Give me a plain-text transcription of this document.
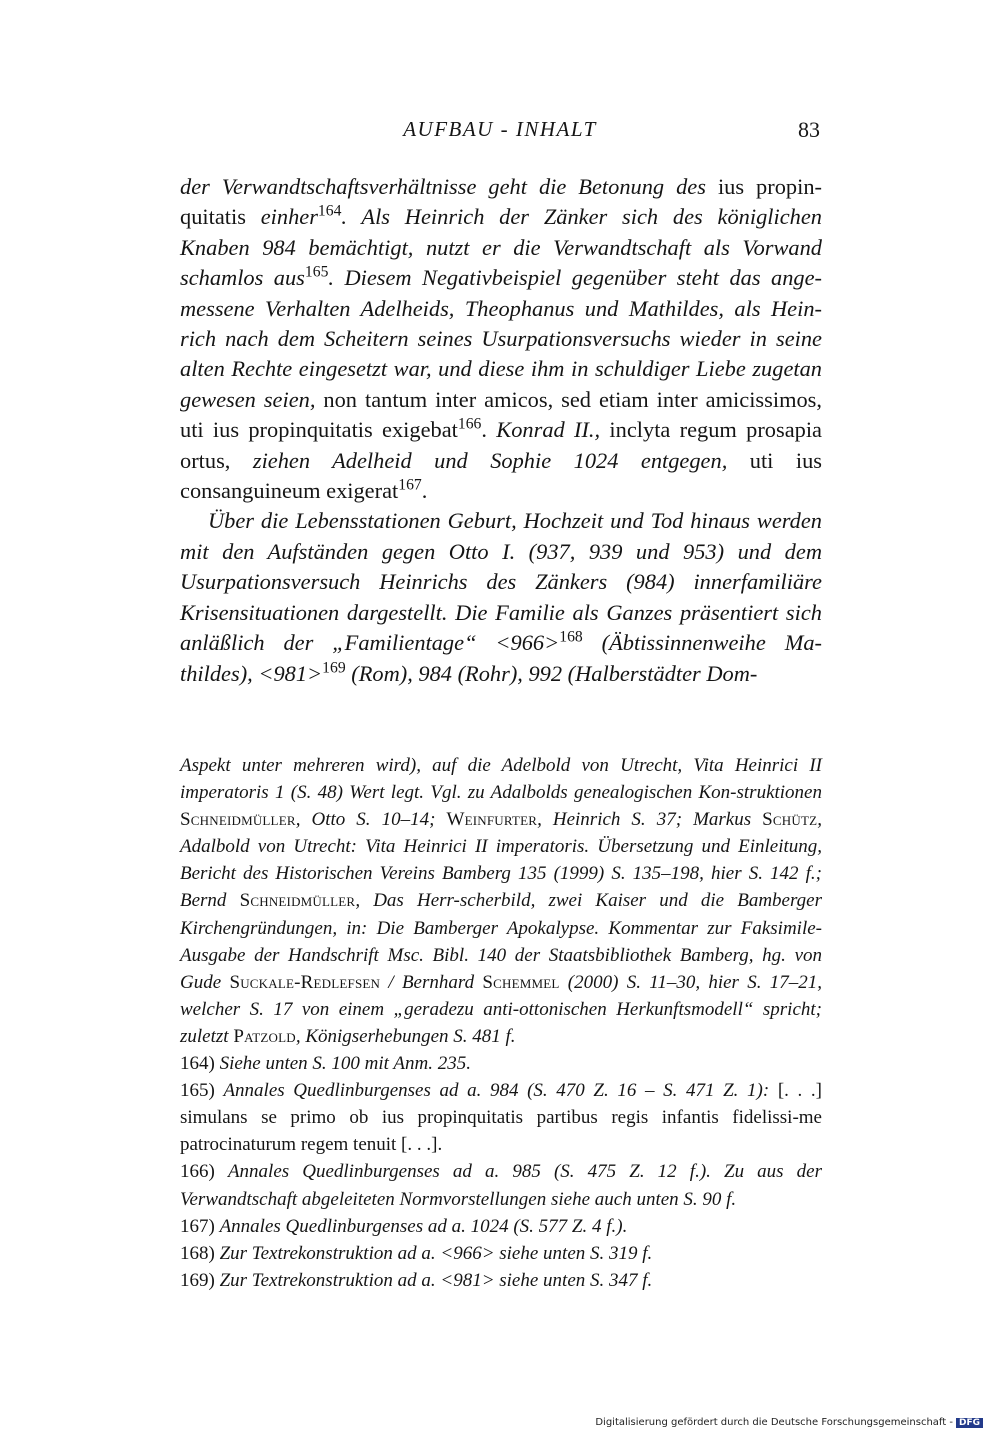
AUFBAU - INHALT	83

der Verwandtschaftsverhältnisse geht die Betonung des ius propin-quitatis einher$^{164}$. Als Heinrich der Zänker sich des königlichen Knaben 984 bemächtigt, nutzt er die Verwandtschaft als Vorwand schamlos aus$^{165}$. Diesem Negativbeispiel gegenüber steht das ange-messene Verhalten Adelheids, Theophanus und Mathildes, als Hein-rich nach dem Scheitern seines Usurpationsversuchs wieder in seine alten Rechte eingesetzt war, und diese ihm in schuldiger Liebe zugetan gewesen seien, non tantum inter amicos, sed etiam inter amicissimos, uti ius propinquitatis exigebat$^{166}$. Konrad II., inclyta regum prosapia ortus, ziehen Adelheid und Sophie 1024 entgegen, uti ius consanguineum exigerat$^{167}$.

Über die Lebensstationen Geburt, Hochzeit und Tod hinaus werden mit den Aufständen gegen Otto I. (937, 939 und 953) und dem Usurpationsversuch Heinrichs des Zänkers (984) innerfamiliäre Krisensituationen dargestellt. Die Familie als Ganzes präsentiert sich anläßlich der „Familientage“ <966>$^{168}$ (Äbtissinnenweihe Ma-thildes), <981>$^{169}$ (Rom), 984 (Rohr), 992 (Halberstädter Dom-

Aspekt unter mehreren wird), auf die Adelbold von Utrecht, Vita Heinrici II imperatoris 1 (S. 48) Wert legt. Vgl. zu Adalbolds genealogischen Kon-struktionen Schneidmüller, Otto S. 10–14; Weinfurter, Heinrich S. 37; Markus Schütz, Adalbold von Utrecht: Vita Heinrici II imperatoris. Übersetzung und Einleitung, Bericht des Historischen Vereins Bamberg 135 (1999) S. 135–198, hier S. 142 f.; Bernd Schneidmüller, Das Herr-scherbild, zwei Kaiser und die Bamberger Kirchengründungen, in: Die Bamberger Apokalypse. Kommentar zur Faksimile-Ausgabe der Handschrift Msc. Bibl. 140 der Staatsbibliothek Bamberg, hg. von Gude Suckale-Redlefsen / Bernhard Schemmel (2000) S. 11–30, hier S. 17–21, welcher S. 17 von einem „geradezu anti-ottonischen Herkunftsmodell“ spricht; zuletzt Patzold, Königserhebungen S. 481 f.

164) Siehe unten S. 100 mit Anm. 235.

165) Annales Quedlinburgenses ad a. 984 (S. 470 Z. 16 – S. 471 Z. 1): [. . .] simulans se primo ob ius propinquitatis partibus regis infantis fidelissi-me patrocinaturum regem tenuit [. . .].

166) Annales Quedlinburgenses ad a. 985 (S. 475 Z. 12 f.). Zu aus der Verwandtschaft abgeleiteten Normvorstellungen siehe auch unten S. 90 f.

167) Annales Quedlinburgenses ad a. 1024 (S. 577 Z. 4 f.).

168) Zur Textrekonstruktion ad a. <966> siehe unten S. 319 f.

169) Zur Textrekonstruktion ad a. <981> siehe unten S. 347 f.

Digitalisierung gefördert durch die Deutsche Forschungsgemeinschaft - DFG
